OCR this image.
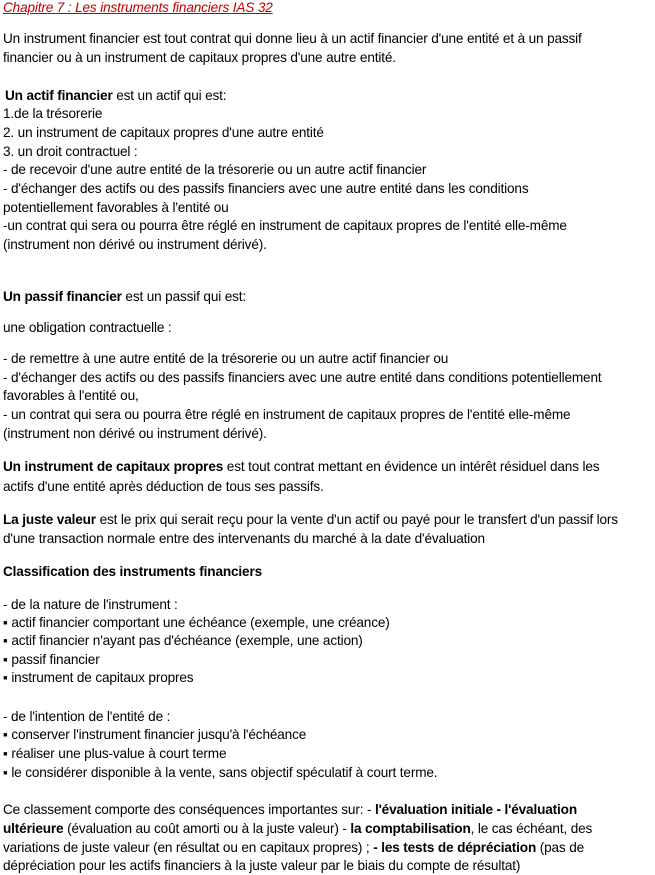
Chapitre 7 : Les instruments financiers IAS 32
Un instrument financier est tout contrat qui donne lieu à un actif financier d'une entité et à un passif
financier ou à un instrument de capitaux propres d'une autre entité.
Un actif financier est un actif qui est:
1.de la trésorerie
2. un instrument de capitaux propres d'une autre entité
3. un droit contractuel :
- de recevoir d'une autre entité de la trésorerie ou un autre actif financier
- d'échanger des actifs ou des passifs financiers avec une autre entité dans les conditions
potentiellement favorables à l'entité ou
-un contrat qui sera ou pourra être réglé en instrument de capitaux propres de l'entité elle-même
(instrument non dérivé ou instrument dérivé).
Un passif financier est un passif qui est:
une obligation contractuelle :
- de remettre à une autre entité de la trésorerie ou un autre actif financier ou
- d'échanger des actifs ou des passifs financiers avec une autre entité dans conditions potentiellement
favorables à l'entité ou,
- un contrat qui sera ou pourra être réglé en instrument de capitaux propres de l'entité elle-même
(instrument non dérivé ou instrument dérivé).
Un instrument de capitaux propres est tout contrat mettant en évidence un intérêt résiduel dans les
actifs d'une entité après déduction de tous ses passifs.
La juste valeur est le prix qui serait reçu pour la vente d'un actif ou payé pour le transfert d'un passif lors
d'une transaction normale entre des intervenants du marché à la date d'évaluation
Classification des instruments financiers
- de la nature de l'instrument :
▪ actif financier comportant une échéance (exemple, une créance)
▪ actif financier n'ayant pas d'échéance (exemple, une action)
▪ passif financier
▪ instrument de capitaux propres
- de l'intention de l'entité de :
▪ conserver l'instrument financier jusqu'à l'échéance
▪ réaliser une plus-value à court terme
▪ le considérer disponible à la vente, sans objectif spéculatif à court terme.
Ce classement comporte des conséquences importantes sur: - l'évaluation initiale - l'évaluation
ultérieure (évaluation au coût amorti ou à la juste valeur) - la comptabilisation, le cas échéant, des
variations de juste valeur (en résultat ou en capitaux propres) ; - les tests de dépréciation (pas de
dépréciation pour les actifs financiers à la juste valeur par le biais du compte de résultat)
